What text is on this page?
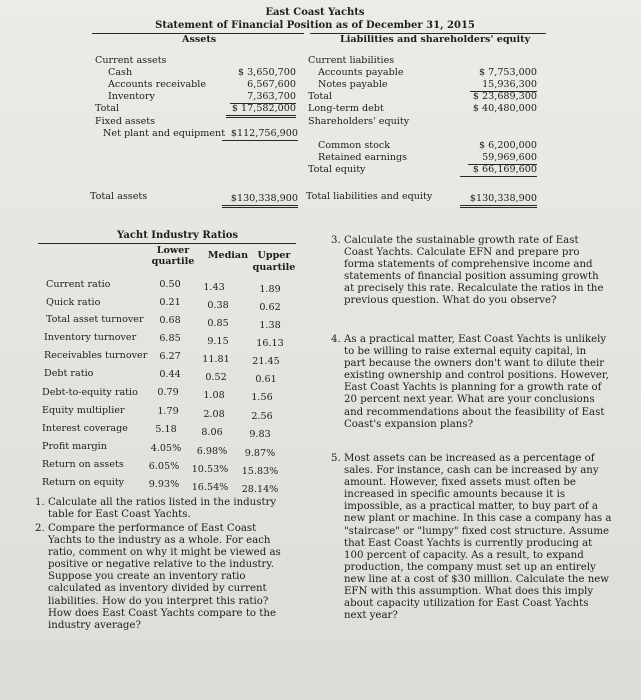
East Coast Yachts
Statement of Financial Position as of December 31, 2015
Assets
Current assets
Cash	$ 3,650,700
Accounts receivable	6,567,600
Inventory	7,363,700
Total	$ 17,582,000
Fixed assets
Net plant and equipment $112,756,900
Total assets	$130,338,900
Liabilities and shareholders' equity
Current liabilities
Accounts payable	$ 7,753,000
Notes payable	15,936,300
Total	$ 23,689,300
Long-term debt	$ 40,480,000
Shareholders' equity
Common stock	$ 6,200,000
Retained earnings	59,969,600
Total equity	$ 66,169,600
Total liabilities and equity	$130,338,900
Yacht Industry Ratios
Lower
quartile
Median Upper
quartile
Current ratio	0.50	1.43	1.89
Quick ratio	0.21	0.38	0.62
Total asset turnover	0.68	0.85	1.38
Inventory turnover	6.85	9.15	16.13
Receivables turnover	6.27	11.81	21.45
Debt ratio	0.44	0.52	0.61
Debt-to-equity ratio	0.79	1.08	1.56
Equity multiplier	1.79	2.08	2.56
Interest coverage	5.18	8.06	9.83
Profit margin	4.05%	6.98%	9.87%
Return on assets	6.05%	10.53%	15.83%
Return on equity	9.93%	16.54%	28.14%
1. Calculate all the ratios listed in the industry table for East Coast Yachts.
2. Compare the performance of East Coast Yachts to the industry as a whole. For each ratio, comment on why it might be viewed as positive or negative relative to the industry. Suppose you create an inventory ratio calculated as inventory divided by current liabilities. How do you interpret this ratio? How does East Coast Yachts compare to the industry average?
3. Calculate the sustainable growth rate of East Coast Yachts. Calculate EFN and prepare pro forma statements of comprehensive income and statements of financial position assuming growth at precisely this rate. Recalculate the ratios in the previous question. What do you observe?
4. As a practical matter, East Coast Yachts is unlikely to be willing to raise external equity capital, in part because the owners don't want to dilute their existing ownership and control positions. However, East Coast Yachts is planning for a growth rate of 20 percent next year. What are your conclusions and recommendations about the feasibility of East Coast's expansion plans?
5. Most assets can be increased as a percentage of sales. For instance, cash can be increased by any amount. However, fixed assets must often be increased in specific amounts because it is impossible, as a practical matter, to buy part of a new plant or machine. In this case a company has a "staircase" or "lumpy" fixed cost structure. Assume that East Coast Yachts is currently producing at 100 percent of capacity. As a result, to expand production, the company must set up an entirely new line at a cost of $30 million. Calculate the new EFN with this assumption. What does this imply about capacity utilization for East Coast Yachts next year?
